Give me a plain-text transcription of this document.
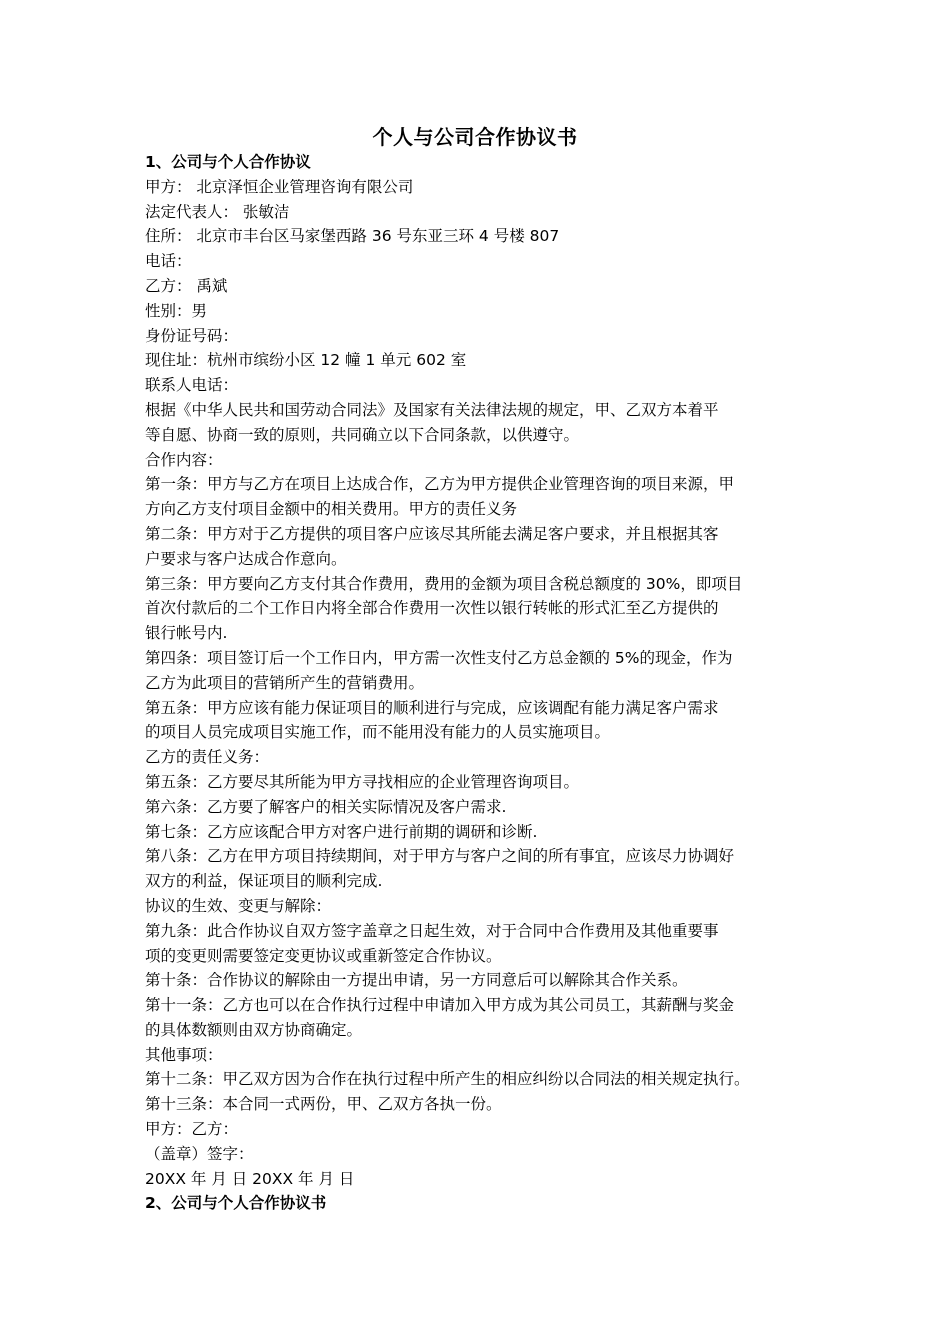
个人与公司合作协议书
1、公司与个人合作协议
甲方： 北京泽恒企业管理咨询有限公司
法定代表人： 张敏洁
住所： 北京市丰台区马家堡西路 36 号东亚三环 4 号楼 807
电话：
乙方： 禹斌
性别：男
身份证号码：
现住址：杭州市缤纷小区 12 幢 1 单元 602 室
联系人电话：
根据《中华人民共和国劳动合同法》及国家有关法律法规的规定，甲、乙双方本着平
等自愿、协商一致的原则，共同确立以下合同条款，以供遵守。
合作内容：
第一条：甲方与乙方在项目上达成合作，乙方为甲方提供企业管理咨询的项目来源，甲
方向乙方支付项目金额中的相关费用。甲方的责任义务
第二条：甲方对于乙方提供的项目客户应该尽其所能去满足客户要求，并且根据其客
户要求与客户达成合作意向。
第三条：甲方要向乙方支付其合作费用，费用的金额为项目含税总额度的 30%，即项目
首次付款后的二个工作日内将全部合作费用一次性以银行转帐的形式汇至乙方提供的
银行帐号内.
第四条：项目签订后一个工作日内，甲方需一次性支付乙方总金额的 5%的现金，作为
乙方为此项目的营销所产生的营销费用。
第五条：甲方应该有能力保证项目的顺利进行与完成，应该调配有能力满足客户需求
的项目人员完成项目实施工作，而不能用没有能力的人员实施项目。
乙方的责任义务：
第五条：乙方要尽其所能为甲方寻找相应的企业管理咨询项目。
第六条：乙方要了解客户的相关实际情况及客户需求.
第七条：乙方应该配合甲方对客户进行前期的调研和诊断.
第八条：乙方在甲方项目持续期间，对于甲方与客户之间的所有事宜，应该尽力协调好
双方的利益，保证项目的顺利完成.
协议的生效、变更与解除：
第九条：此合作协议自双方签字盖章之日起生效，对于合同中合作费用及其他重要事
项的变更则需要签定变更协议或重新签定合作协议。
第十条：合作协议的解除由一方提出申请，另一方同意后可以解除其合作关系。
第十一条：乙方也可以在合作执行过程中申请加入甲方成为其公司员工，其薪酬与奖金
的具体数额则由双方协商确定。
其他事项：
第十二条：甲乙双方因为合作在执行过程中所产生的相应纠纷以合同法的相关规定执行。
第十三条：本合同一式两份，甲、乙双方各执一份。
甲方：乙方：
（盖章）签字：
20XX 年 月 日 20XX 年 月 日
2、公司与个人合作协议书
